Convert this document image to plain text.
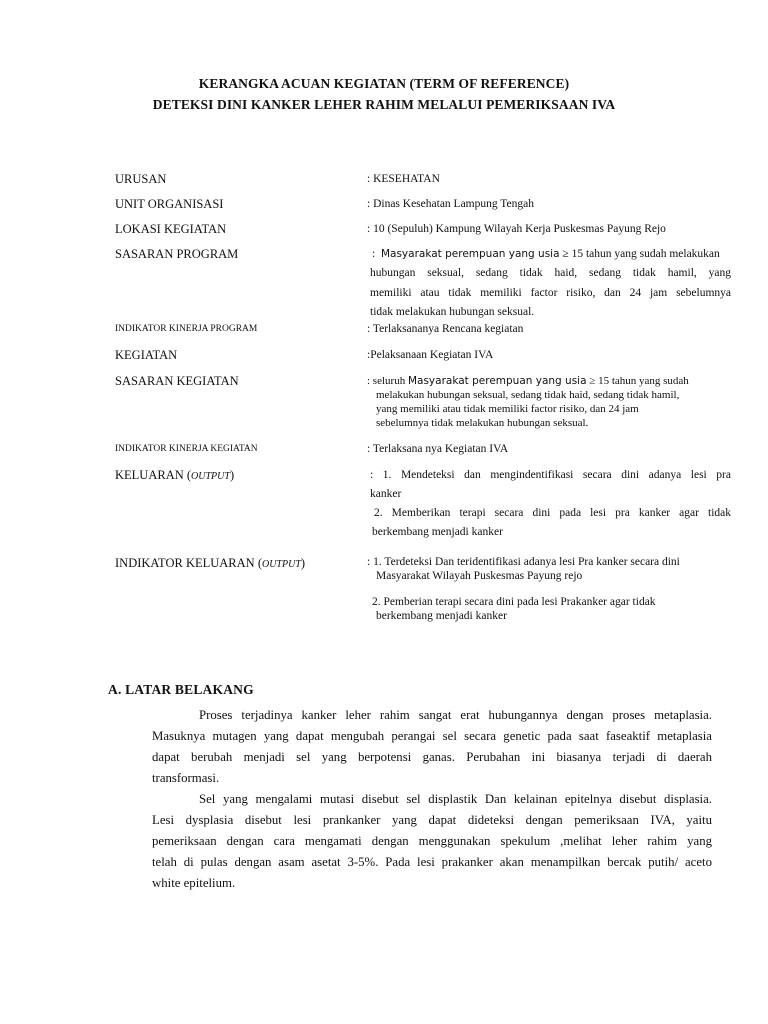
KERANGKA ACUAN KEGIATAN (TERM OF REFERENCE)
DETEKSI DINI KANKER LEHER RAHIM MELALUI PEMERIKSAAN IVA
URUSAN	: KESEHATAN
UNIT ORGANISASI	: Dinas Kesehatan Lampung Tengah
LOKASI KEGIATAN	: 10 (Sepuluh) Kampung Wilayah Kerja Puskesmas Payung Rejo
SASARAN PROGRAM	: Masyarakat perempuan yang usia ≥ 15 tahun yang sudah melakukan
hubungan seksual, sedang tidak haid, sedang tidak hamil, yang
memiliki atau tidak memiliki factor risiko, dan 24 jam sebelumnya
tidak melakukan hubungan seksual.
INDIKATOR KINERJA PROGRAM	: Terlaksananya Rencana kegiatan
KEGIATAN	:Pelaksanaan Kegiatan IVA
SASARAN KEGIATAN	: seluruh Masyarakat perempuan yang usia ≥ 15 tahun yang sudah
melakukan hubungan seksual, sedang tidak haid, sedang tidak hamil,
yang memiliki atau tidak memiliki factor risiko, dan 24 jam
sebelumnya tidak melakukan hubungan seksual.
INDIKATOR KINERJA KEGIATAN	: Terlaksana nya Kegiatan IVA
KELUARAN (OUTPUT)	: 1. Mendeteksi dan mengindentifikasi secara dini adanya lesi pra
kanker
2. Memberikan terapi secara dini pada lesi pra kanker agar tidak
berkembang menjadi kanker
INDIKATOR KELUARAN (OUTPUT)	: 1. Terdeteksi Dan teridentifikasi adanya lesi Pra kanker secara dini
Masyarakat Wilayah Puskesmas Payung rejo
2. Pemberian terapi secara dini pada lesi Prakanker agar tidak
berkembang menjadi kanker
A. LATAR BELAKANG
Proses terjadinya kanker leher rahim sangat erat hubungannya dengan proses metaplasia.
Masuknya mutagen yang dapat mengubah perangai sel secara genetic pada saat faseaktif metaplasia
dapat berubah menjadi sel yang berpotensi ganas. Perubahan ini biasanya terjadi di daerah
transformasi.
Sel yang mengalami mutasi disebut sel displastik Dan kelainan epitelnya disebut displasia.
Lesi dysplasia disebut lesi prankanker yang dapat dideteksi dengan pemeriksaan IVA, yaitu
pemeriksaan dengan cara mengamati dengan menggunakan spekulum ,melihat leher rahim yang
telah di pulas dengan asam asetat 3-5%. Pada lesi prakanker akan menampilkan bercak putih/ aceto
white epitelium.
